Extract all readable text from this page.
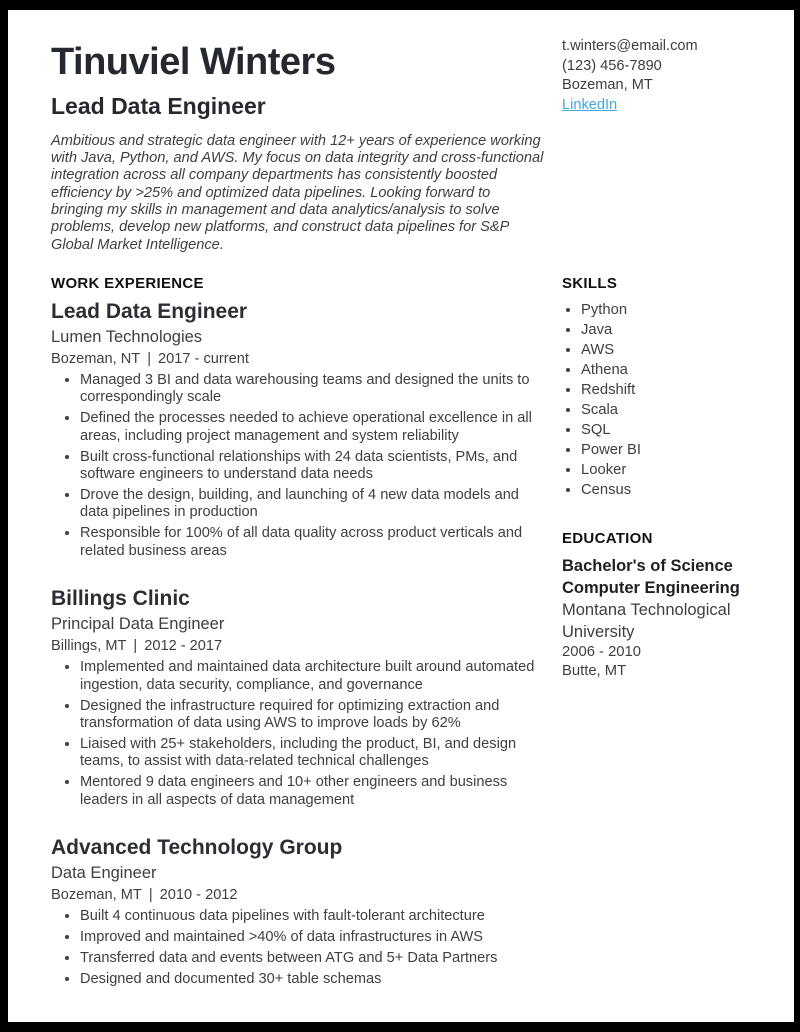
Tinuviel Winters
Lead Data Engineer

Ambitious and strategic data engineer with 12+ years of experience working with Java, Python, and AWS. My focus on data integrity and cross-functional integration across all company departments has consistently boosted efficiency by >25% and optimized data pipelines. Looking forward to bringing my skills in management and data analytics/analysis to solve problems, develop new platforms, and construct data pipelines for S&P Global Market Intelligence.

t.winters@email.com
(123) 456-7890
Bozeman, MT
LinkedIn
WORK EXPERIENCE
Lead Data Engineer
Lumen Technologies
Bozeman, NT | 2017 - current
• Managed 3 BI and data warehousing teams and designed the units to correspondingly scale
• Defined the processes needed to achieve operational excellence in all areas, including project management and system reliability
• Built cross-functional relationships with 24 data scientists, PMs, and software engineers to understand data needs
• Drove the design, building, and launching of 4 new data models and data pipelines in production
• Responsible for 100% of all data quality across product verticals and related business areas
Billings Clinic
Principal Data Engineer
Billings, MT | 2012 - 2017
• Implemented and maintained data architecture built around automated ingestion, data security, compliance, and governance
• Designed the infrastructure required for optimizing extraction and transformation of data using AWS to improve loads by 62%
• Liaised with 25+ stakeholders, including the product, BI, and design teams, to assist with data-related technical challenges
• Mentored 9 data engineers and 10+ other engineers and business leaders in all aspects of data management
Advanced Technology Group
Data Engineer
Bozeman, MT | 2010 - 2012
• Built 4 continuous data pipelines with fault-tolerant architecture
• Improved and maintained >40% of data infrastructures in AWS
• Transferred data and events between ATG and 5+ Data Partners
• Designed and documented 30+ table schemas
SKILLS
• Python
• Java
• AWS
• Athena
• Redshift
• Scala
• SQL
• Power BI
• Looker
• Census
EDUCATION
Bachelor's of Science
Computer Engineering
Montana Technological University
2006 - 2010
Butte, MT
